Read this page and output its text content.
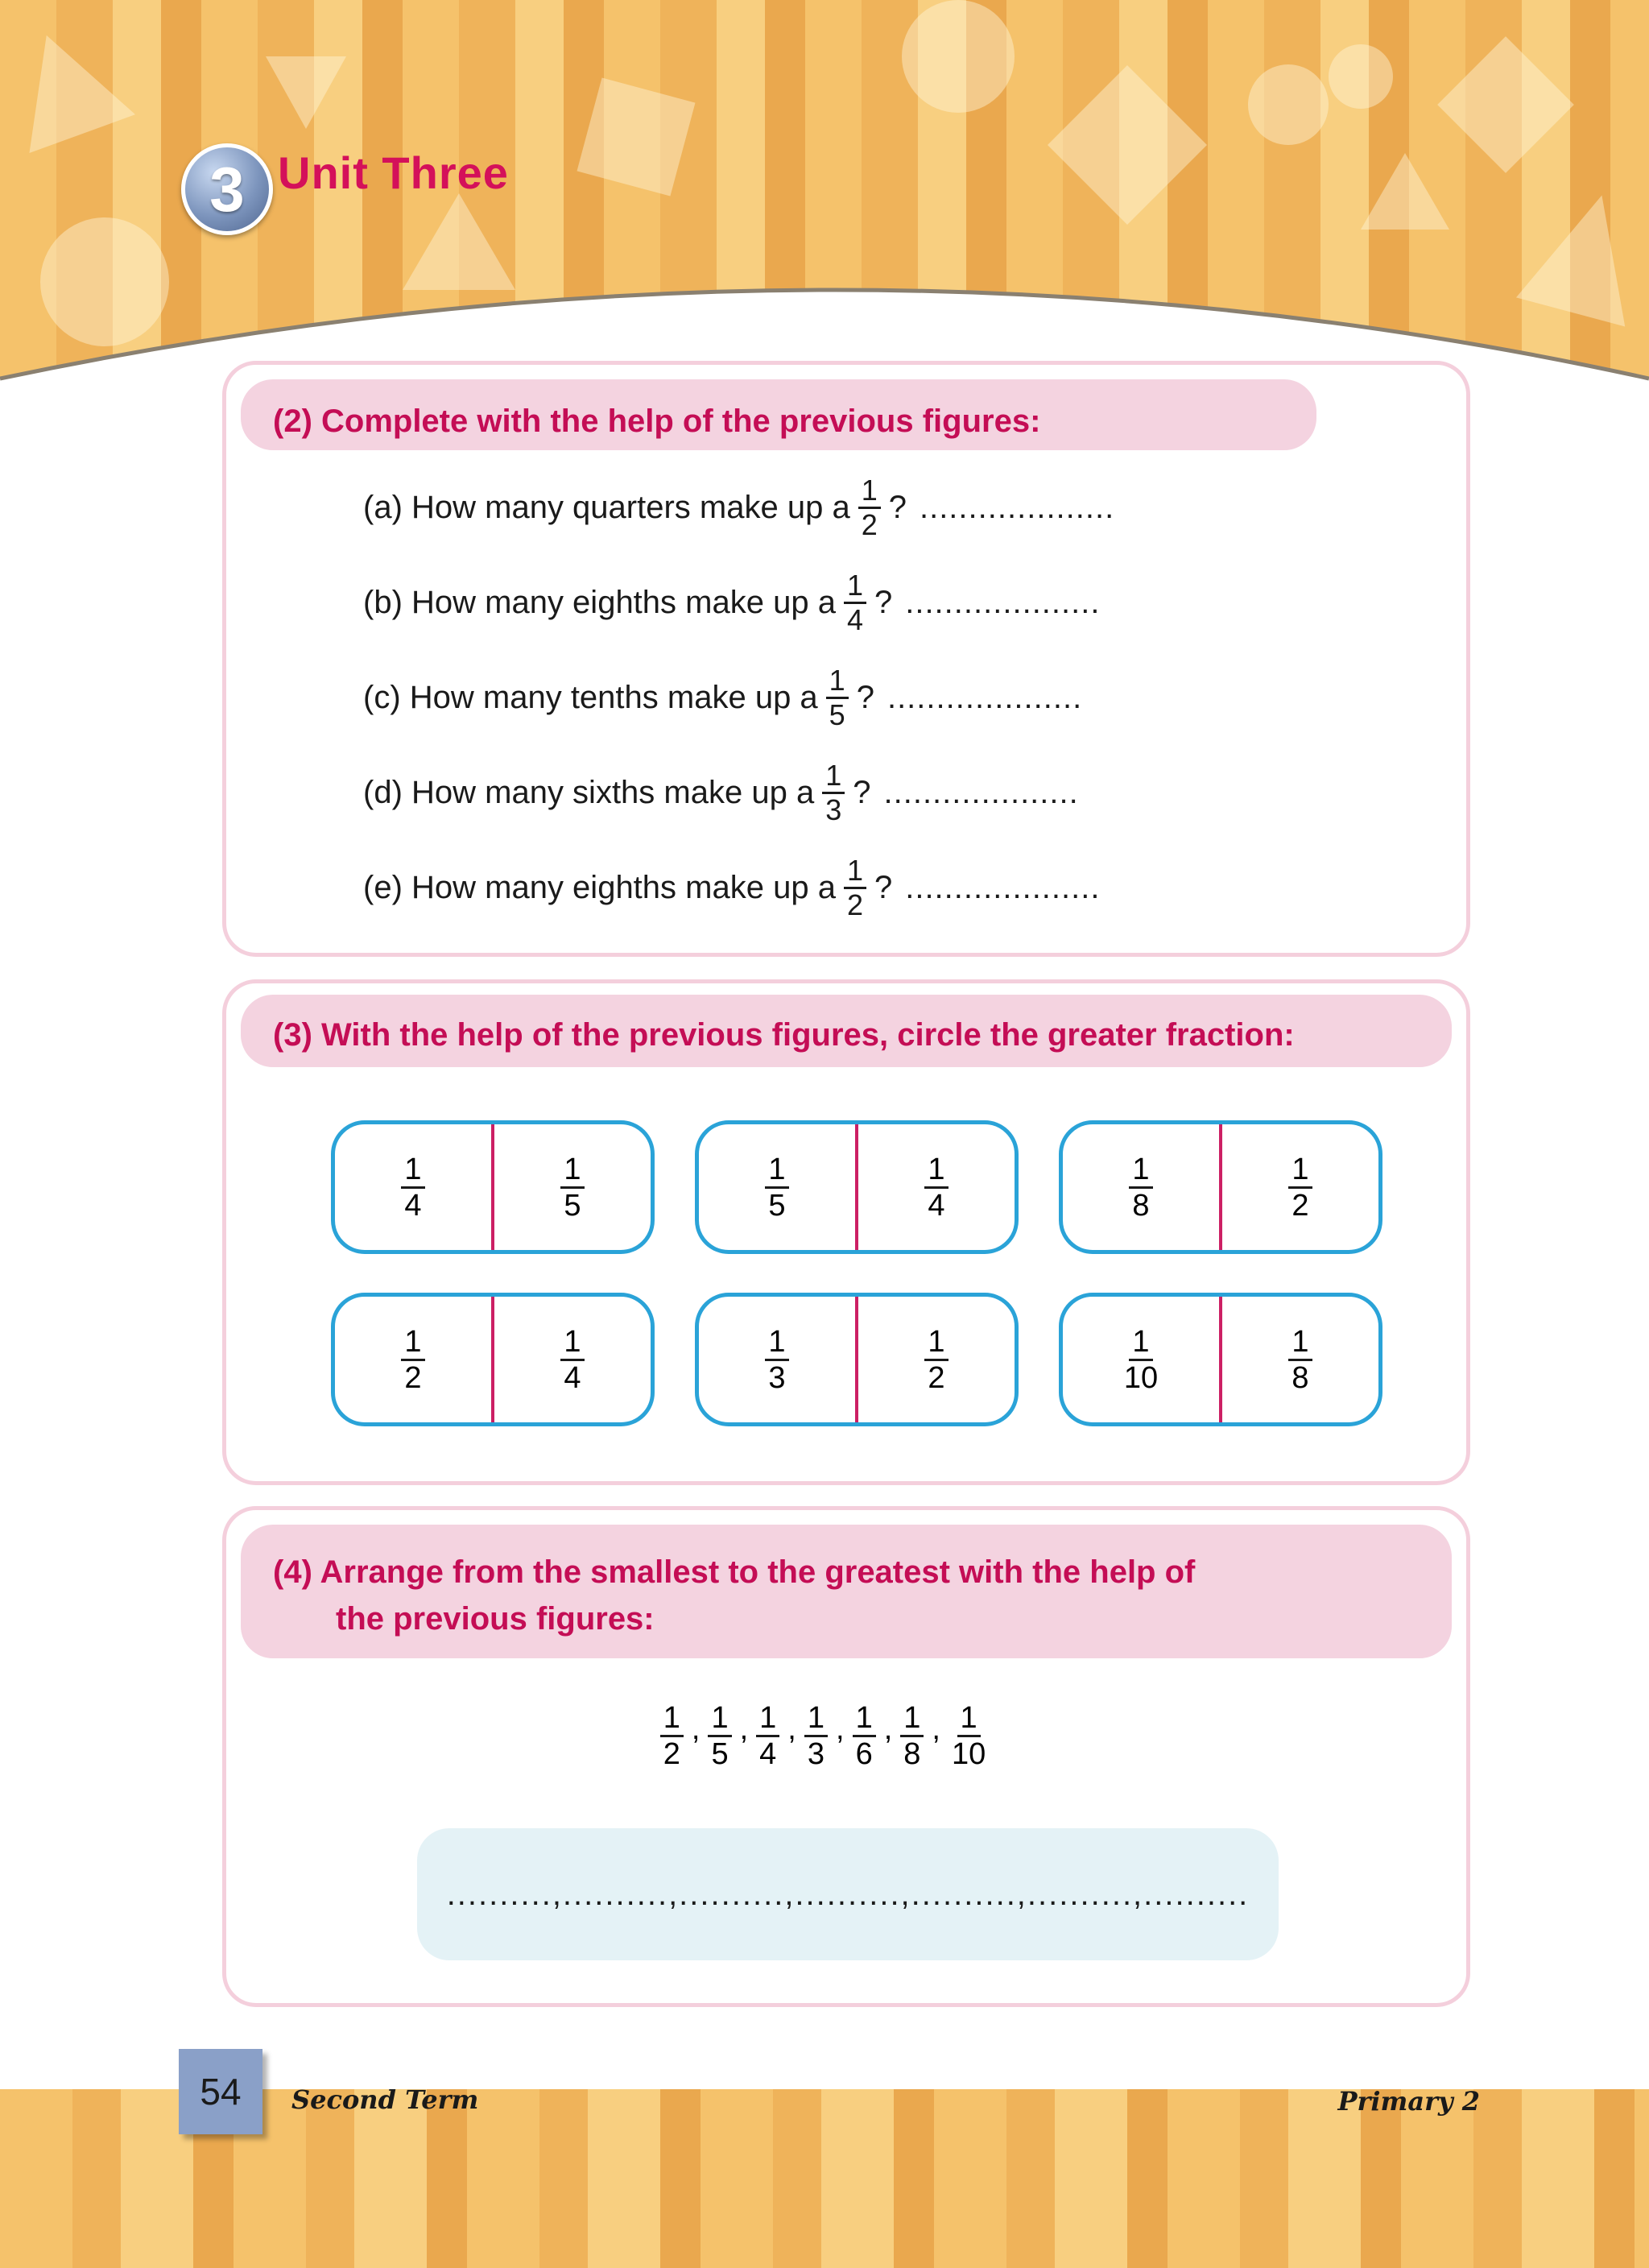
3 Unit Three
(2) Complete with the help of the previous figures:
(a) How many quarters make up a $\frac{1}{2}$ ? ....................
(b) How many eighths make up a $\frac{1}{4}$ ? ....................
(c) How many tenths make up a $\frac{1}{5}$ ? ....................
(d) How many sixths make up a $\frac{1}{3}$ ? ....................
(e) How many eighths make up a $\frac{1}{2}$ ? ....................
(3) With the help of the previous figures, circle the greater fraction:
$\frac{1}{4}$	$\frac{1}{5}$	$\frac{1}{5}$	$\frac{1}{4}$	$\frac{1}{8}$	$\frac{1}{2}$
$\frac{1}{2}$	$\frac{1}{4}$	$\frac{1}{3}$	$\frac{1}{2}$	$\frac{1}{10}$	$\frac{1}{8}$
(4) Arrange from the smallest to the greatest with the help of
the previous figures:
$\frac{1}{2}$ , $\frac{1}{5}$ , $\frac{1}{4}$ , $\frac{1}{3}$ , $\frac{1}{6}$ , $\frac{1}{8}$ , $\frac{1}{10}$
..........,..........,..........,..........,..........,..........,..........
54	Second Term	Primary 2
